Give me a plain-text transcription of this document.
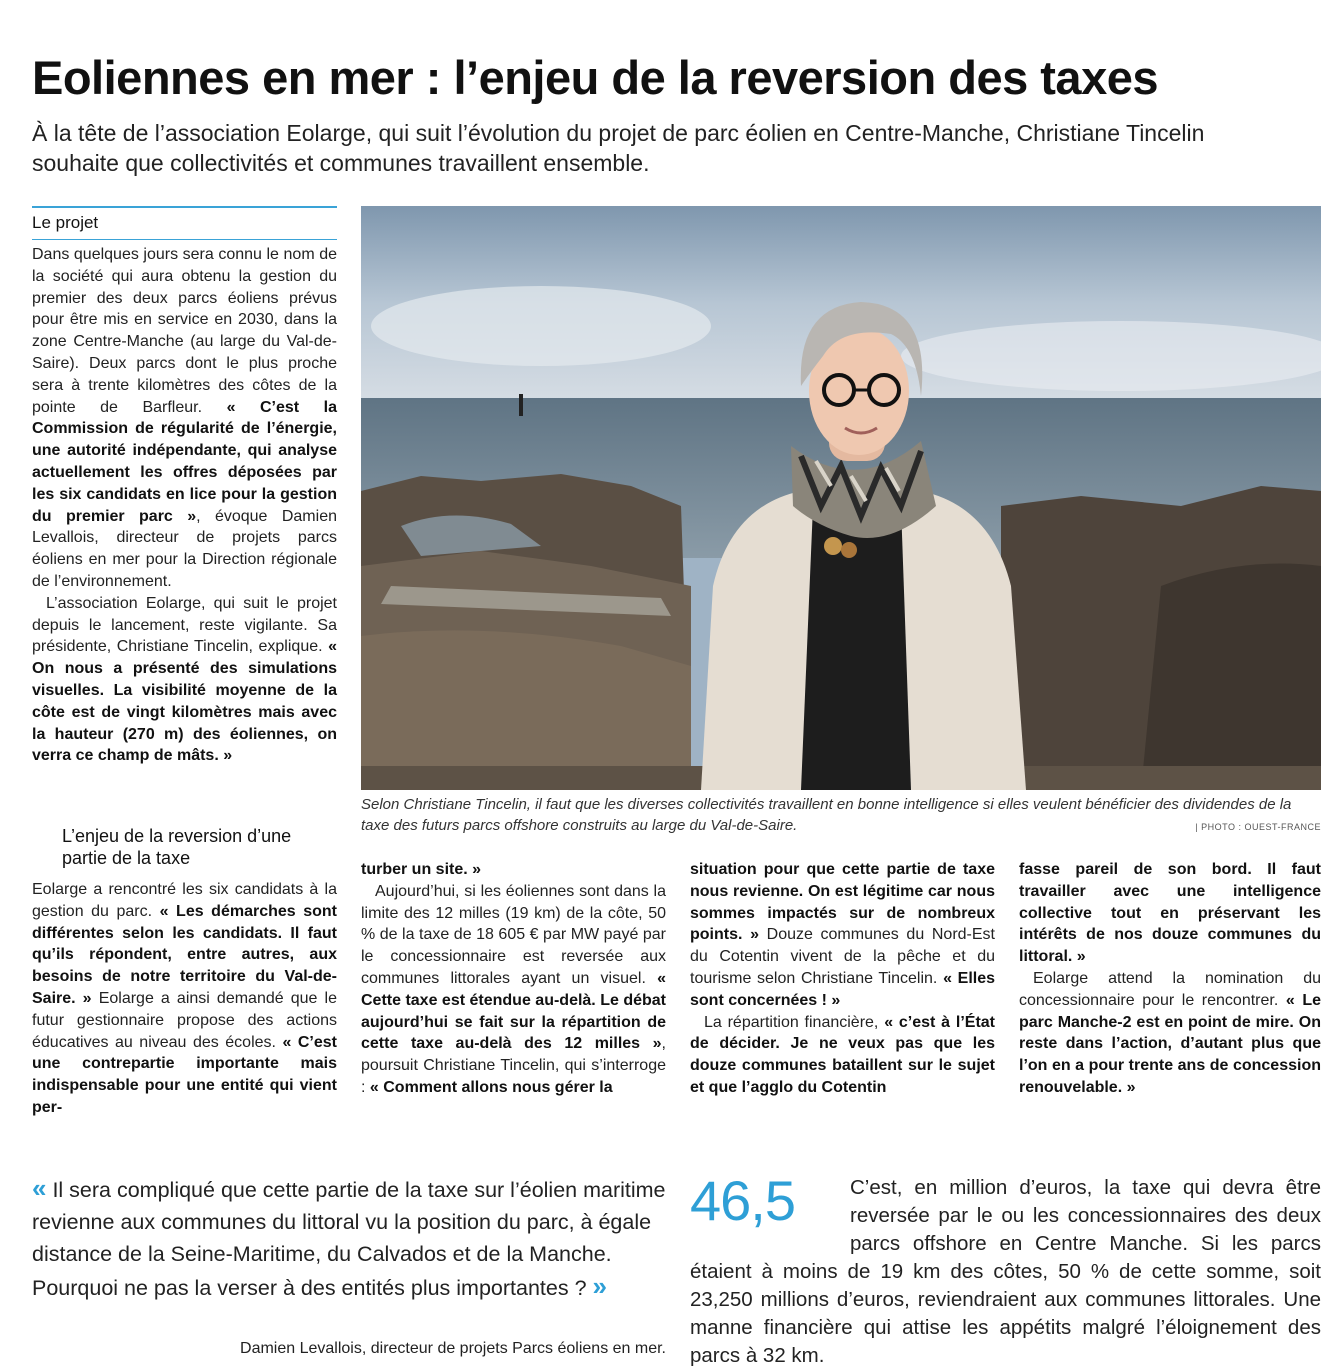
Eoliennes en mer : l’enjeu de la reversion des taxes
À la tête de l’association Eolarge, qui suit l’évolution du projet de parc éolien en Centre-Manche, Christiane Tincelin souhaite que collectivités et communes travaillent ensemble.
Le projet

Dans quelques jours sera connu le nom de la société qui aura obtenu la gestion du premier des deux parcs éoliens prévus pour être mis en service en 2030, dans la zone Centre-Manche (au large du Val-de-Saire). Deux parcs dont le plus proche sera à trente kilomètres des côtes de la pointe de Barfleur. « C’est la Commission de régularité de l’énergie, une autorité indépendante, qui analyse actuellement les offres déposées par les six candidats en lice pour la gestion du premier parc », évoque Damien Levallois, directeur de projets parcs éoliens en mer pour la Direction régionale de l’environnement.

L’association Eolarge, qui suit le projet depuis le lancement, reste vigilante. Sa présidente, Christiane Tincelin, explique. « On nous a présenté des simulations visuelles. La visibilité moyenne de la côte est de vingt kilomètres mais avec la hauteur (270 m) des éoliennes, on verra ce champ de mâts. »

L’enjeu de la reversion d’une partie de la taxe

Eolarge a rencontré les six candidats à la gestion du parc. « Les démarches sont différentes selon les candidats. Il faut qu’ils répondent, entre autres, aux besoins de notre territoire du Val-de-Saire. » Eolarge a ainsi demandé que le futur gestionnaire propose des actions éducatives au niveau des écoles. « C’est une contrepartie importante mais indispensable pour une entité qui vient per-

turber un site. »

Aujourd’hui, si les éoliennes sont dans la limite des 12 milles (19 km) de la côte, 50 % de la taxe de 18 605 € par MW payé par le concessionnaire est reversée aux communes littorales ayant un visuel. « Cette taxe est étendue au-delà. Le débat aujourd’hui se fait sur la répartition de cette taxe au-delà des 12 milles », poursuit Christiane Tincelin, qui s’interroge : « Comment allons nous gérer la

situation pour que cette partie de taxe nous revienne. On est légitime car nous sommes impactés sur de nombreux points. » Douze communes du Nord-Est du Cotentin vivent de la pêche et du tourisme selon Christiane Tincelin. « Elles sont concernées ! »

La répartition financière, « c’est à l’État de décider. Je ne veux pas que les douze communes bataillent sur le sujet et que l’agglo du Cotentin

fasse pareil de son bord. Il faut travailler avec une intelligence collective tout en préservant les intérêts de nos douze communes du littoral. »

Eolarge attend la nomination du concessionnaire pour le rencontrer. « Le parc Manche-2 est en point de mire. On reste dans l’action, d’autant plus que l’on en a pour trente ans de concession renouvelable. »

Selon Christiane Tincelin, il faut que les diverses collectivités travaillent en bonne intelligence si elles veulent bénéficier des dividendes de la taxe des futurs parcs offshore construits au large du Val-de-Saire.	| PHOTO : OUEST-FRANCE
« Il sera compliqué que cette partie de la taxe sur l’éolien maritime revienne aux communes du littoral vu la position du parc, à égale distance de la Seine-Maritime, du Calvados et de la Manche. Pourquoi ne pas la verser à des entités plus importantes ? »
Damien Levallois, directeur de projets Parcs éoliens en mer.
C’est, en million d’euros, la taxe qui devra être reversée par le ou les concessionnaires des deux parcs offshore en Centre Manche. Si les parcs étaient à moins de 19 km des côtes, 50 % de cette somme, soit 23,250 millions d’euros, reviendraient aux communes littorales. Une manne financière qui attise les appétits malgré l’éloignement des parcs à 32 km.
46,5
